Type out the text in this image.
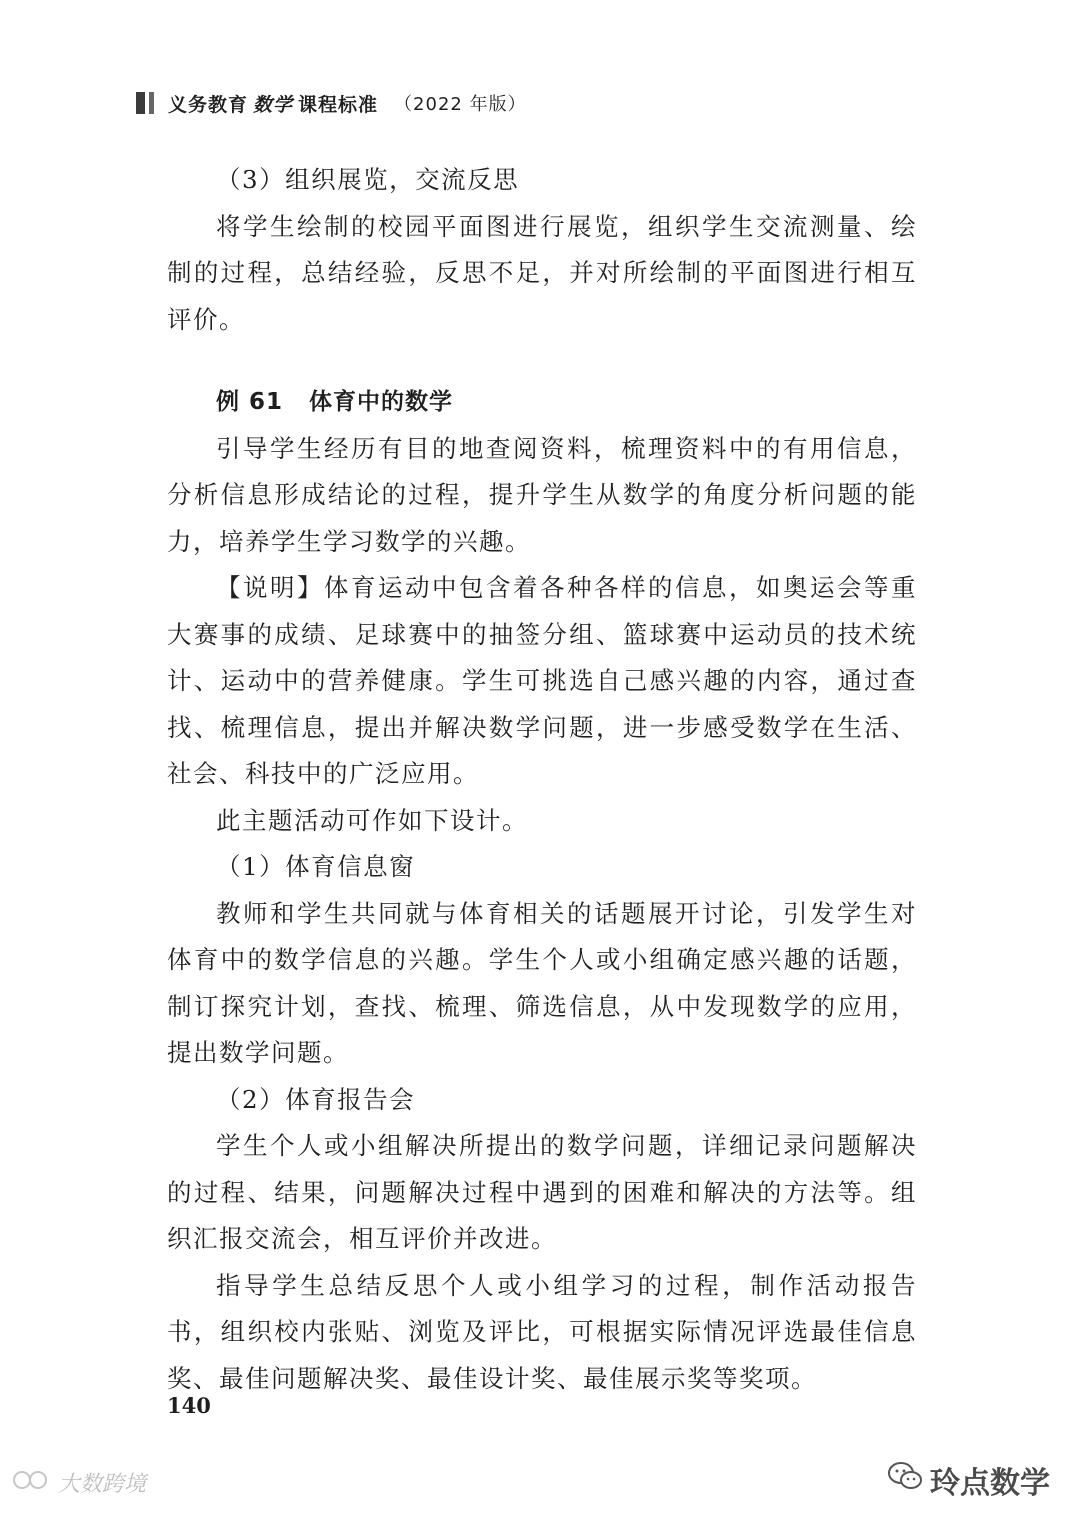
义务教育 数学 课程标准 （2022 年版）

（3）组织展览，交流反思

将学生绘制的校园平面图进行展览，组织学生交流测量、绘制的过程，总结经验，反思不足，并对所绘制的平面图进行相互评价。

例 61 体育中的数学

引导学生经历有目的地查阅资料，梳理资料中的有用信息，分析信息形成结论的过程，提升学生从数学的角度分析问题的能力，培养学生学习数学的兴趣。

【说明】体育运动中包含着各种各样的信息，如奥运会等重大赛事的成绩、足球赛中的抽签分组、篮球赛中运动员的技术统计、运动中的营养健康。学生可挑选自己感兴趣的内容，通过查找、梳理信息，提出并解决数学问题，进一步感受数学在生活、社会、科技中的广泛应用。

此主题活动可作如下设计。

（1）体育信息窗

教师和学生共同就与体育相关的话题展开讨论，引发学生对体育中的数学信息的兴趣。学生个人或小组确定感兴趣的话题，制订探究计划，查找、梳理、筛选信息，从中发现数学的应用，提出数学问题。

（2）体育报告会

学生个人或小组解决所提出的数学问题，详细记录问题解决的过程、结果，问题解决过程中遇到的困难和解决的方法等。组织汇报交流会，相互评价并改进。

指导学生总结反思个人或小组学习的过程，制作活动报告书，组织校内张贴、浏览及评比，可根据实际情况评选最佳信息奖、最佳问题解决奖、最佳设计奖、最佳展示奖等奖项。

140
大数跨境	玲点数学
